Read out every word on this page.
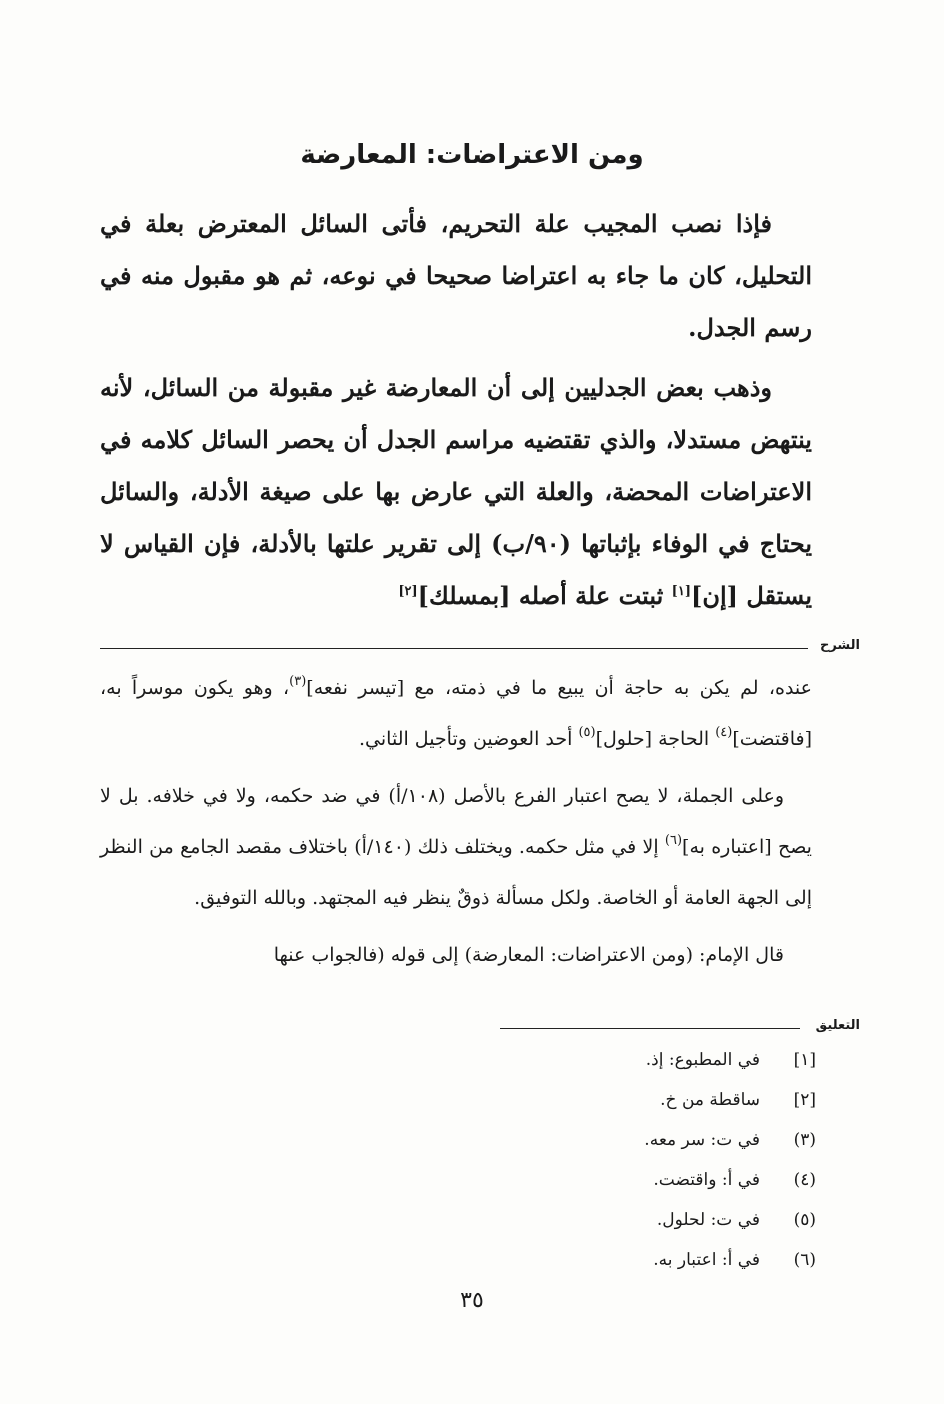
ومن الاعتراضات: المعارضة

فإذا نصب المجيب علة التحريم، فأتى السائل المعترض بعلة في التحليل، كان ما جاء به اعتراضا صحيحا في نوعه، ثم هو مقبول منه في رسم الجدل.

وذهب بعض الجدليين إلى أن المعارضة غير مقبولة من السائل، لأنه ينتهض مستدلا، والذي تقتضيه مراسم الجدل أن يحصر السائل كلامه في الاعتراضات المحضة، والعلة التي عارض بها على صيغة الأدلة، والسائل يحتاج في الوفاء بإثباتها (٩٠/ب) إلى تقرير علتها بالأدلة، فإن القياس لا يستقل [إن][١] ثبتت علة أصله [بمسلك][٢]

الشرح

عنده، لم يكن به حاجة أن يبيع ما في ذمته، مع [تيسر نفعه]$^{(٣)}$، وهو يكون موسراً به، [فاقتضت]$^{(٤)}$ الحاجة [حلول]$^{(٥)}$ أحد العوضين وتأجيل الثاني.

وعلى الجملة، لا يصح اعتبار الفرع بالأصل (١٠٨/أ) في ضد حكمه، ولا في خلافه. بل لا يصح [اعتباره به]$^{(٦)}$ إلا في مثل حكمه. ويختلف ذلك (١٤٠/أ) باختلاف مقصد الجامع من النظر إلى الجهة العامة أو الخاصة. ولكل مسألة ذوقٌ ينظر فيه المجتهد. وبالله التوفيق.

قال الإمام: (ومن الاعتراضات: المعارضة) إلى قوله (فالجواب عنها

التعليق
[١]في المطبوع: إذ.
[٢]ساقطة من خ.
(٣)في ت: سر معه.
(٤)في أ: واقتضت.
(٥)في ت: لحلول.
(٦)في أ: اعتبار به.
٣٥
